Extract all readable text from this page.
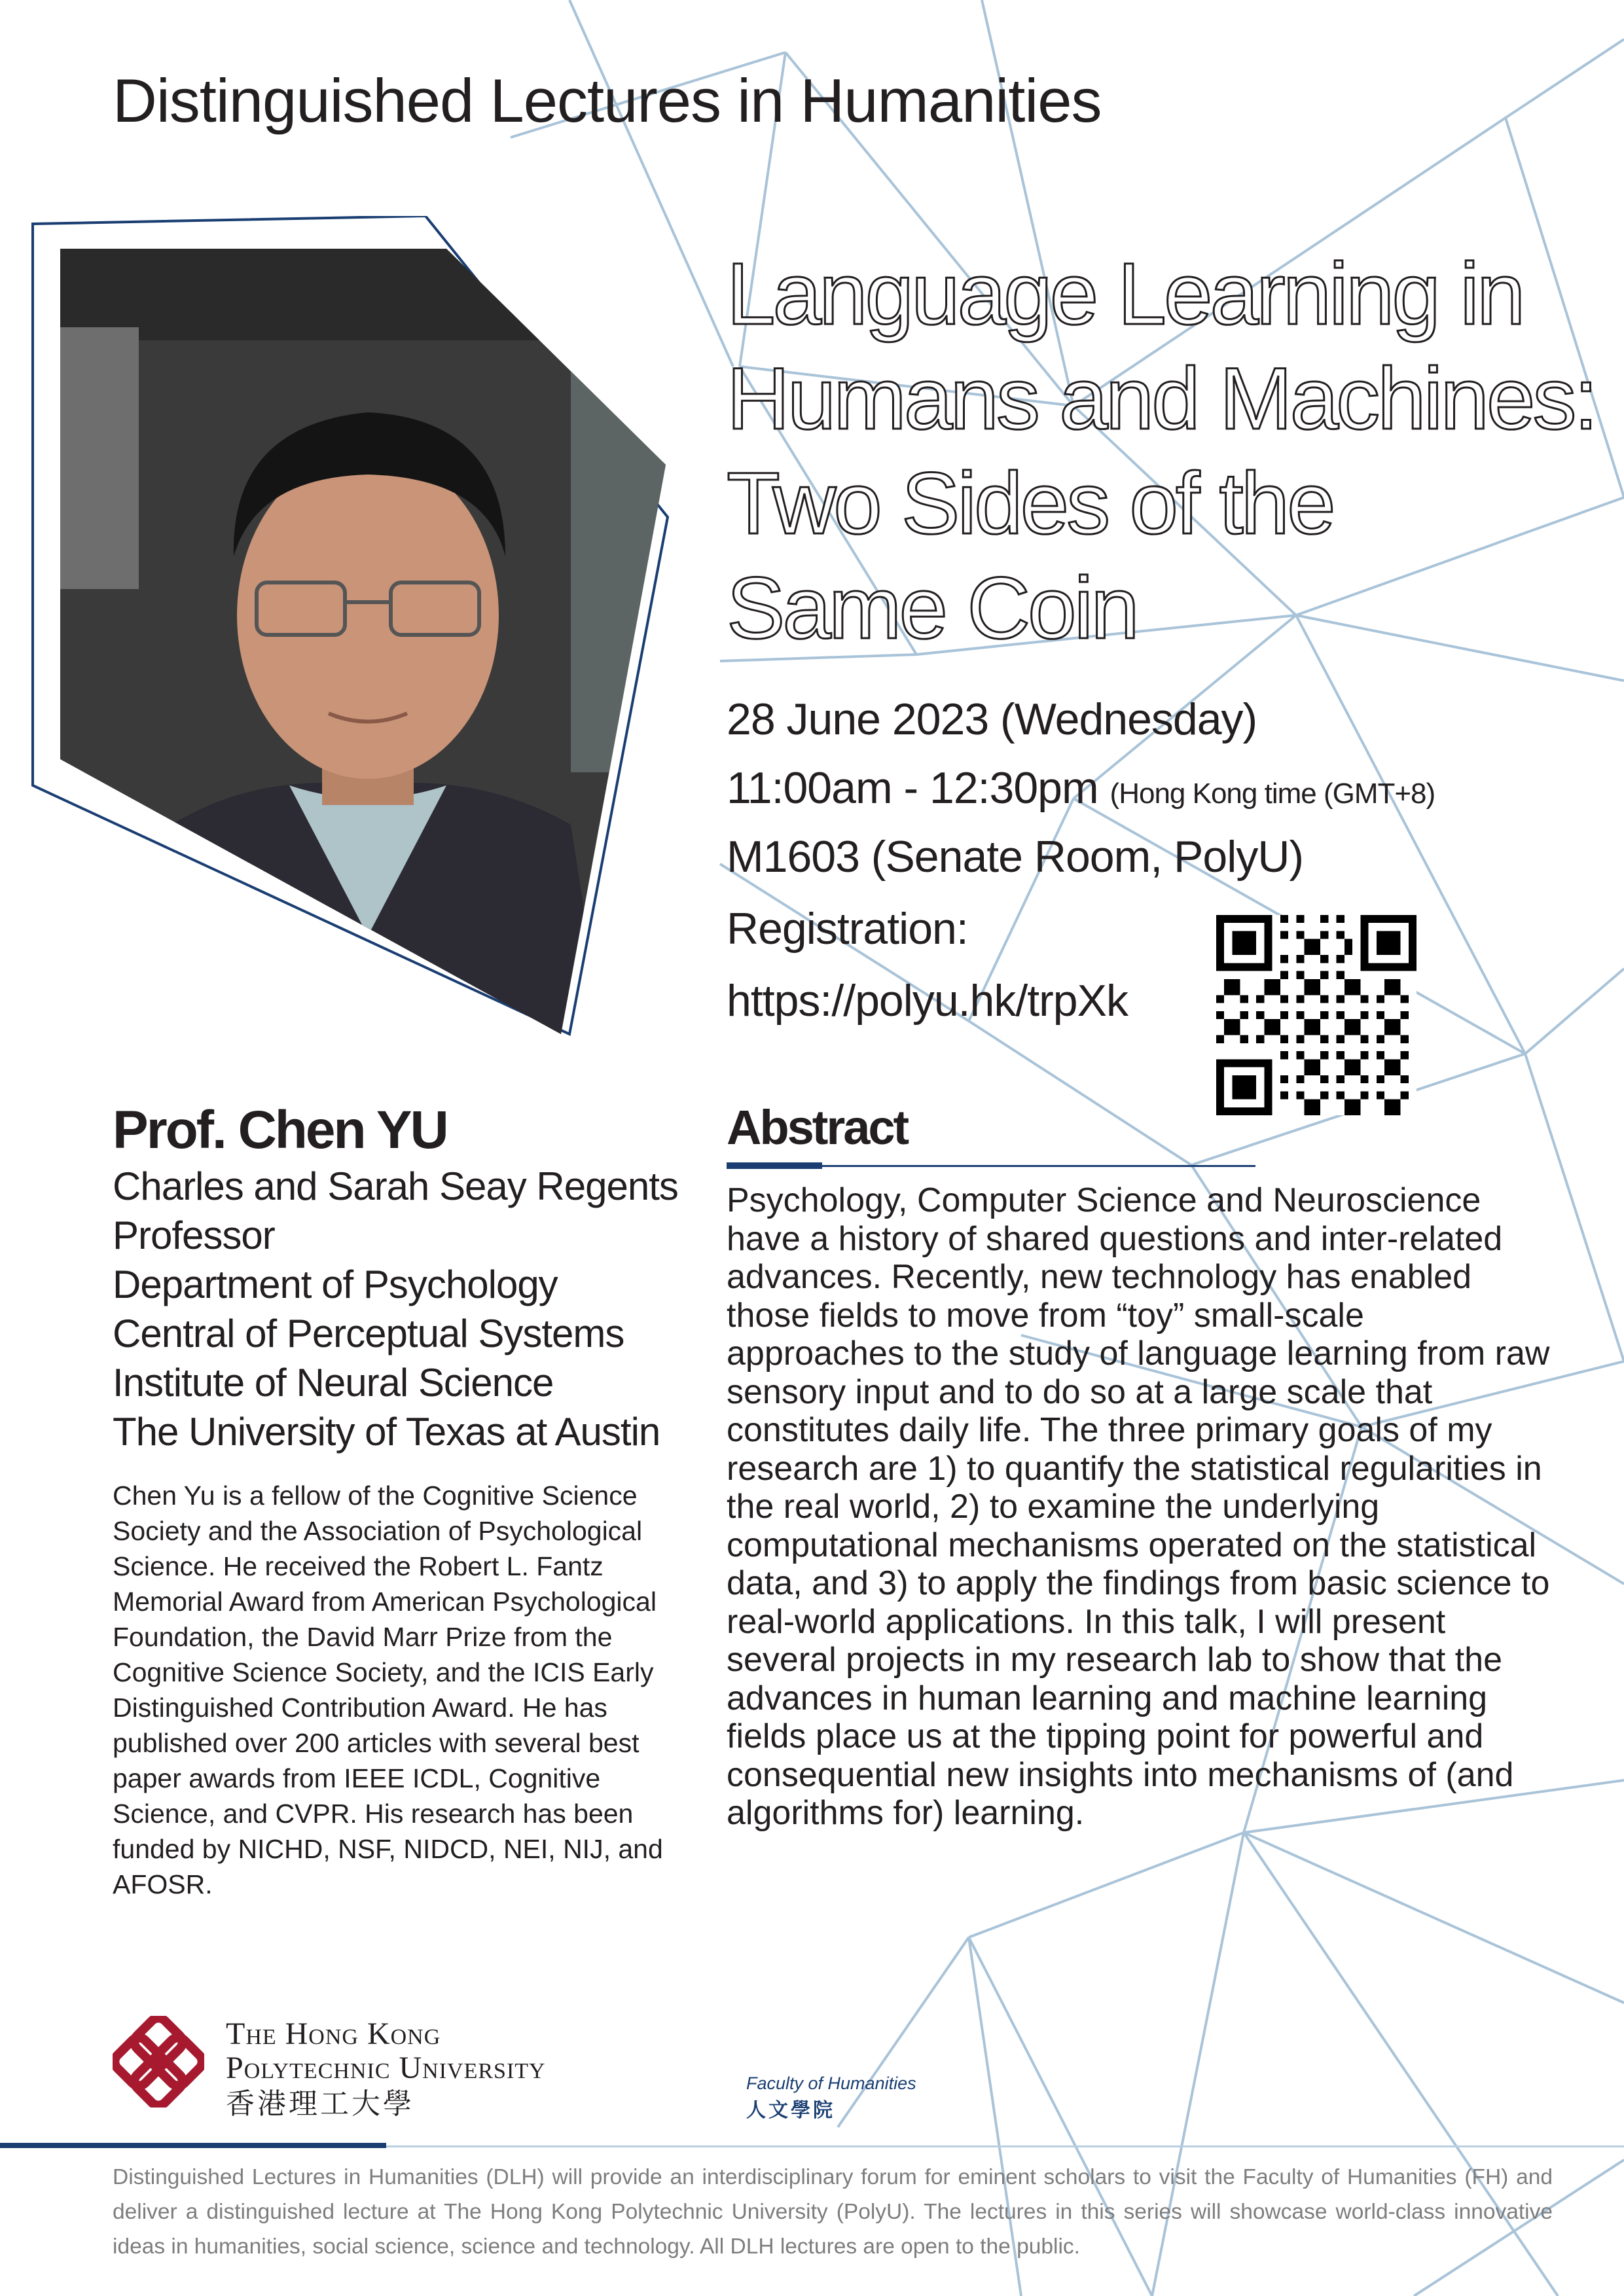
Distinguished Lectures in Humanities
Language Learning in
Humans and Machines:
Two Sides of the
Same Coin
28 June 2023 (Wednesday)
11:00am - 12:30pm (Hong Kong time (GMT+8)
M1603 (Senate Room, PolyU)
Registration:
https://polyu.hk/trpXk
Prof. Chen YU
Charles and Sarah Seay Regents
Professor
Department of Psychology
Central of Perceptual Systems
Institute of Neural Science
The University of Texas at Austin
Chen Yu is a fellow of the Cognitive Science Society and the Association of Psychological Science. He received the Robert L. Fantz Memorial Award from American Psychological Foundation, the David Marr Prize from the Cognitive Science Society, and the ICIS Early Distinguished Contribution Award. He has published over 200 articles with several best paper awards from IEEE ICDL, Cognitive Science, and CVPR. His research has been funded by NICHD, NSF, NIDCD, NEI, NIJ, and AFOSR.
Abstract
Psychology, Computer Science and Neuroscience have a history of shared questions and inter-related advances. Recently, new technology has enabled those fields to move from “toy” small-scale approaches to the study of language learning from raw sensory input and to do so at a large scale that constitutes daily life. The three primary goals of my research are 1) to quantify the statistical regularities in the real world, 2) to examine the underlying computational mechanisms operated on the statistical data, and 3) to apply the findings from basic science to real-world applications. In this talk, I will present several projects in my research lab to show that the advances in human learning and machine learning fields place us at the tipping point for powerful and consequential new insights into mechanisms of (and algorithms for) learning.
The Hong Kong
Polytechnic University
香港理工大學
Faculty of Humanities
人文學院
Distinguished Lectures in Humanities (DLH) will provide an interdisciplinary forum for eminent scholars to visit the Faculty of Humanities (FH) and deliver a distinguished lecture at The Hong Kong Polytechnic University (PolyU). The lectures in this series will showcase world-class innovative ideas in humanities, social science, science and technology. All DLH lectures are open to the public.
